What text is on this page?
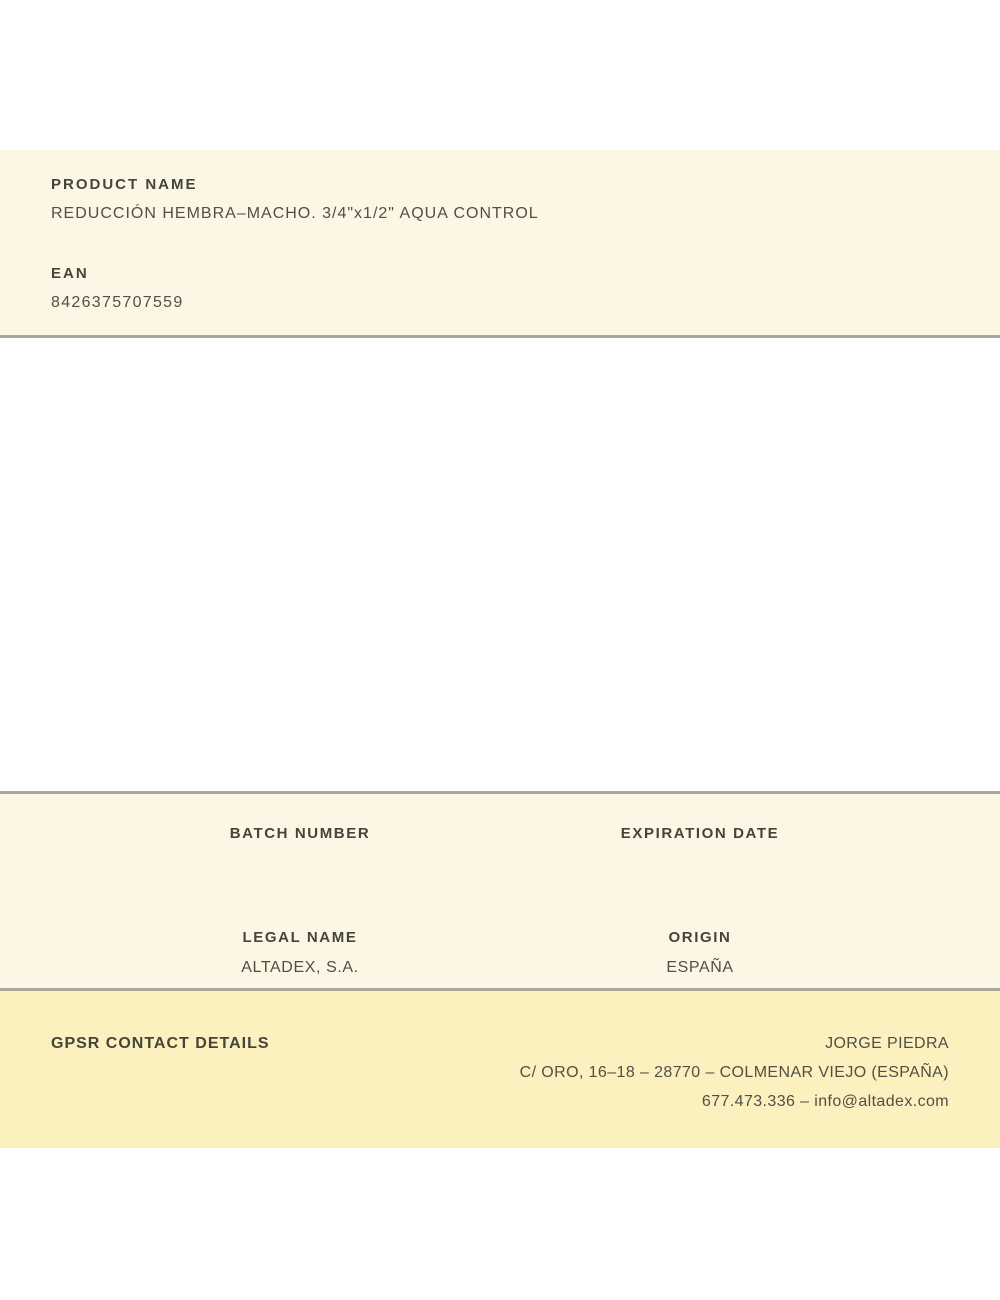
PRODUCT NAME
REDUCCIÓN HEMBRA–MACHO. 3/4"x1/2" AQUA CONTROL
EAN
8426375707559
BATCH NUMBER	EXPIRATION DATE
LEGAL NAME
ALTADEX, S.A.
ORIGIN
ESPAÑA
GPSR CONTACT DETAILS	JORGE PIEDRA
C/ ORO, 16–18 – 28770 – COLMENAR VIEJO (ESPAÑA)
677.473.336 – info@altadex.com
